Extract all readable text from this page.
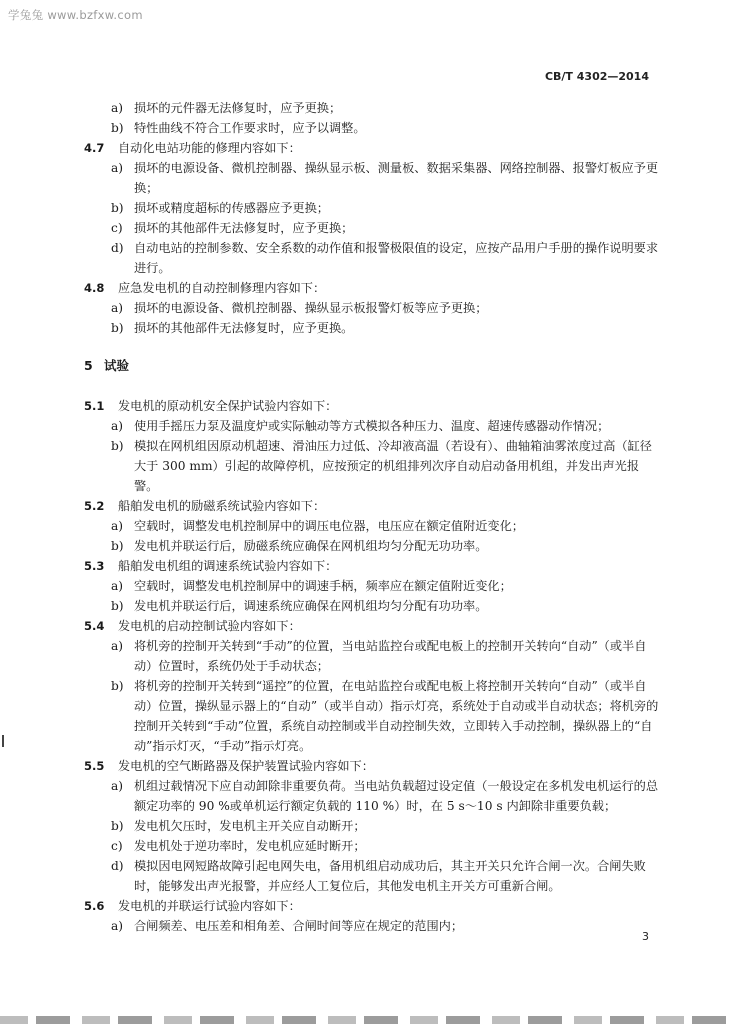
学兔兔 www.bzfxw.com
CB/T 4302—2014
a) 损坏的元件器无法修复时，应予更换；
b) 特性曲线不符合工作要求时，应予以调整。
4.7	自动化电站功能的修理内容如下：
a) 损坏的电源设备、微机控制器、操纵显示板、测量板、数据采集器、网络控制器、报警灯板应予更换；
b) 损坏或精度超标的传感器应予更换；
c) 损坏的其他部件无法修复时，应予更换；
d) 自动电站的控制参数、安全系数的动作值和报警极限值的设定，应按产品用户手册的操作说明要求进行。
4.8	应急发电机的自动控制修理内容如下：
a) 损坏的电源设备、微机控制器、操纵显示板报警灯板等应予更换；
b) 损坏的其他部件无法修复时，应予更换。
5 试验
5.1	发电机的原动机安全保护试验内容如下：
a) 使用手摇压力泵及温度炉或实际触动等方式模拟各种压力、温度、超速传感器动作情况；
b) 模拟在网机组因原动机超速、滑油压力过低、冷却液高温（若设有）、曲轴箱油雾浓度过高（缸径大于 300 mm）引起的故障停机，应按预定的机组排列次序自动启动备用机组，并发出声光报警。
5.2	船舶发电机的励磁系统试验内容如下：
a) 空载时，调整发电机控制屏中的调压电位器，电压应在额定值附近变化；
b) 发电机并联运行后，励磁系统应确保在网机组均匀分配无功功率。
5.3	船舶发电机组的调速系统试验内容如下：
a) 空载时，调整发电机控制屏中的调速手柄，频率应在额定值附近变化；
b) 发电机并联运行后，调速系统应确保在网机组均匀分配有功功率。
5.4	发电机的启动控制试验内容如下：
a) 将机旁的控制开关转到“手动”的位置，当电站监控台或配电板上的控制开关转向“自动”（或半自动）位置时，系统仍处于手动状态；
b) 将机旁的控制开关转到“遥控”的位置，在电站监控台或配电板上将控制开关转向“自动”（或半自动）位置，操纵显示器上的“自动”（或半自动）指示灯亮，系统处于自动或半自动状态；将机旁的控制开关转到“手动”位置，系统自动控制或半自动控制失效，立即转入手动控制，操纵器上的“自动”指示灯灭，“手动”指示灯亮。
5.5	发电机的空气断路器及保护装置试验内容如下：
a) 机组过载情况下应自动卸除非重要负荷。当电站负载超过设定值（一般设定在多机发电机运行的总额定功率的 90 %或单机运行额定负载的 110 %）时，在 5 s～10 s 内卸除非重要负载；
b) 发电机欠压时，发电机主开关应自动断开；
c) 发电机处于逆功率时，发电机应延时断开；
d) 模拟因电网短路故障引起电网失电，备用机组启动成功后，其主开关只允许合闸一次。合闸失败时，能够发出声光报警，并应经人工复位后，其他发电机主开关方可重新合闸。
5.6	发电机的并联运行试验内容如下：
a) 合闸频差、电压差和相角差、合闸时间等应在规定的范围内；
3
